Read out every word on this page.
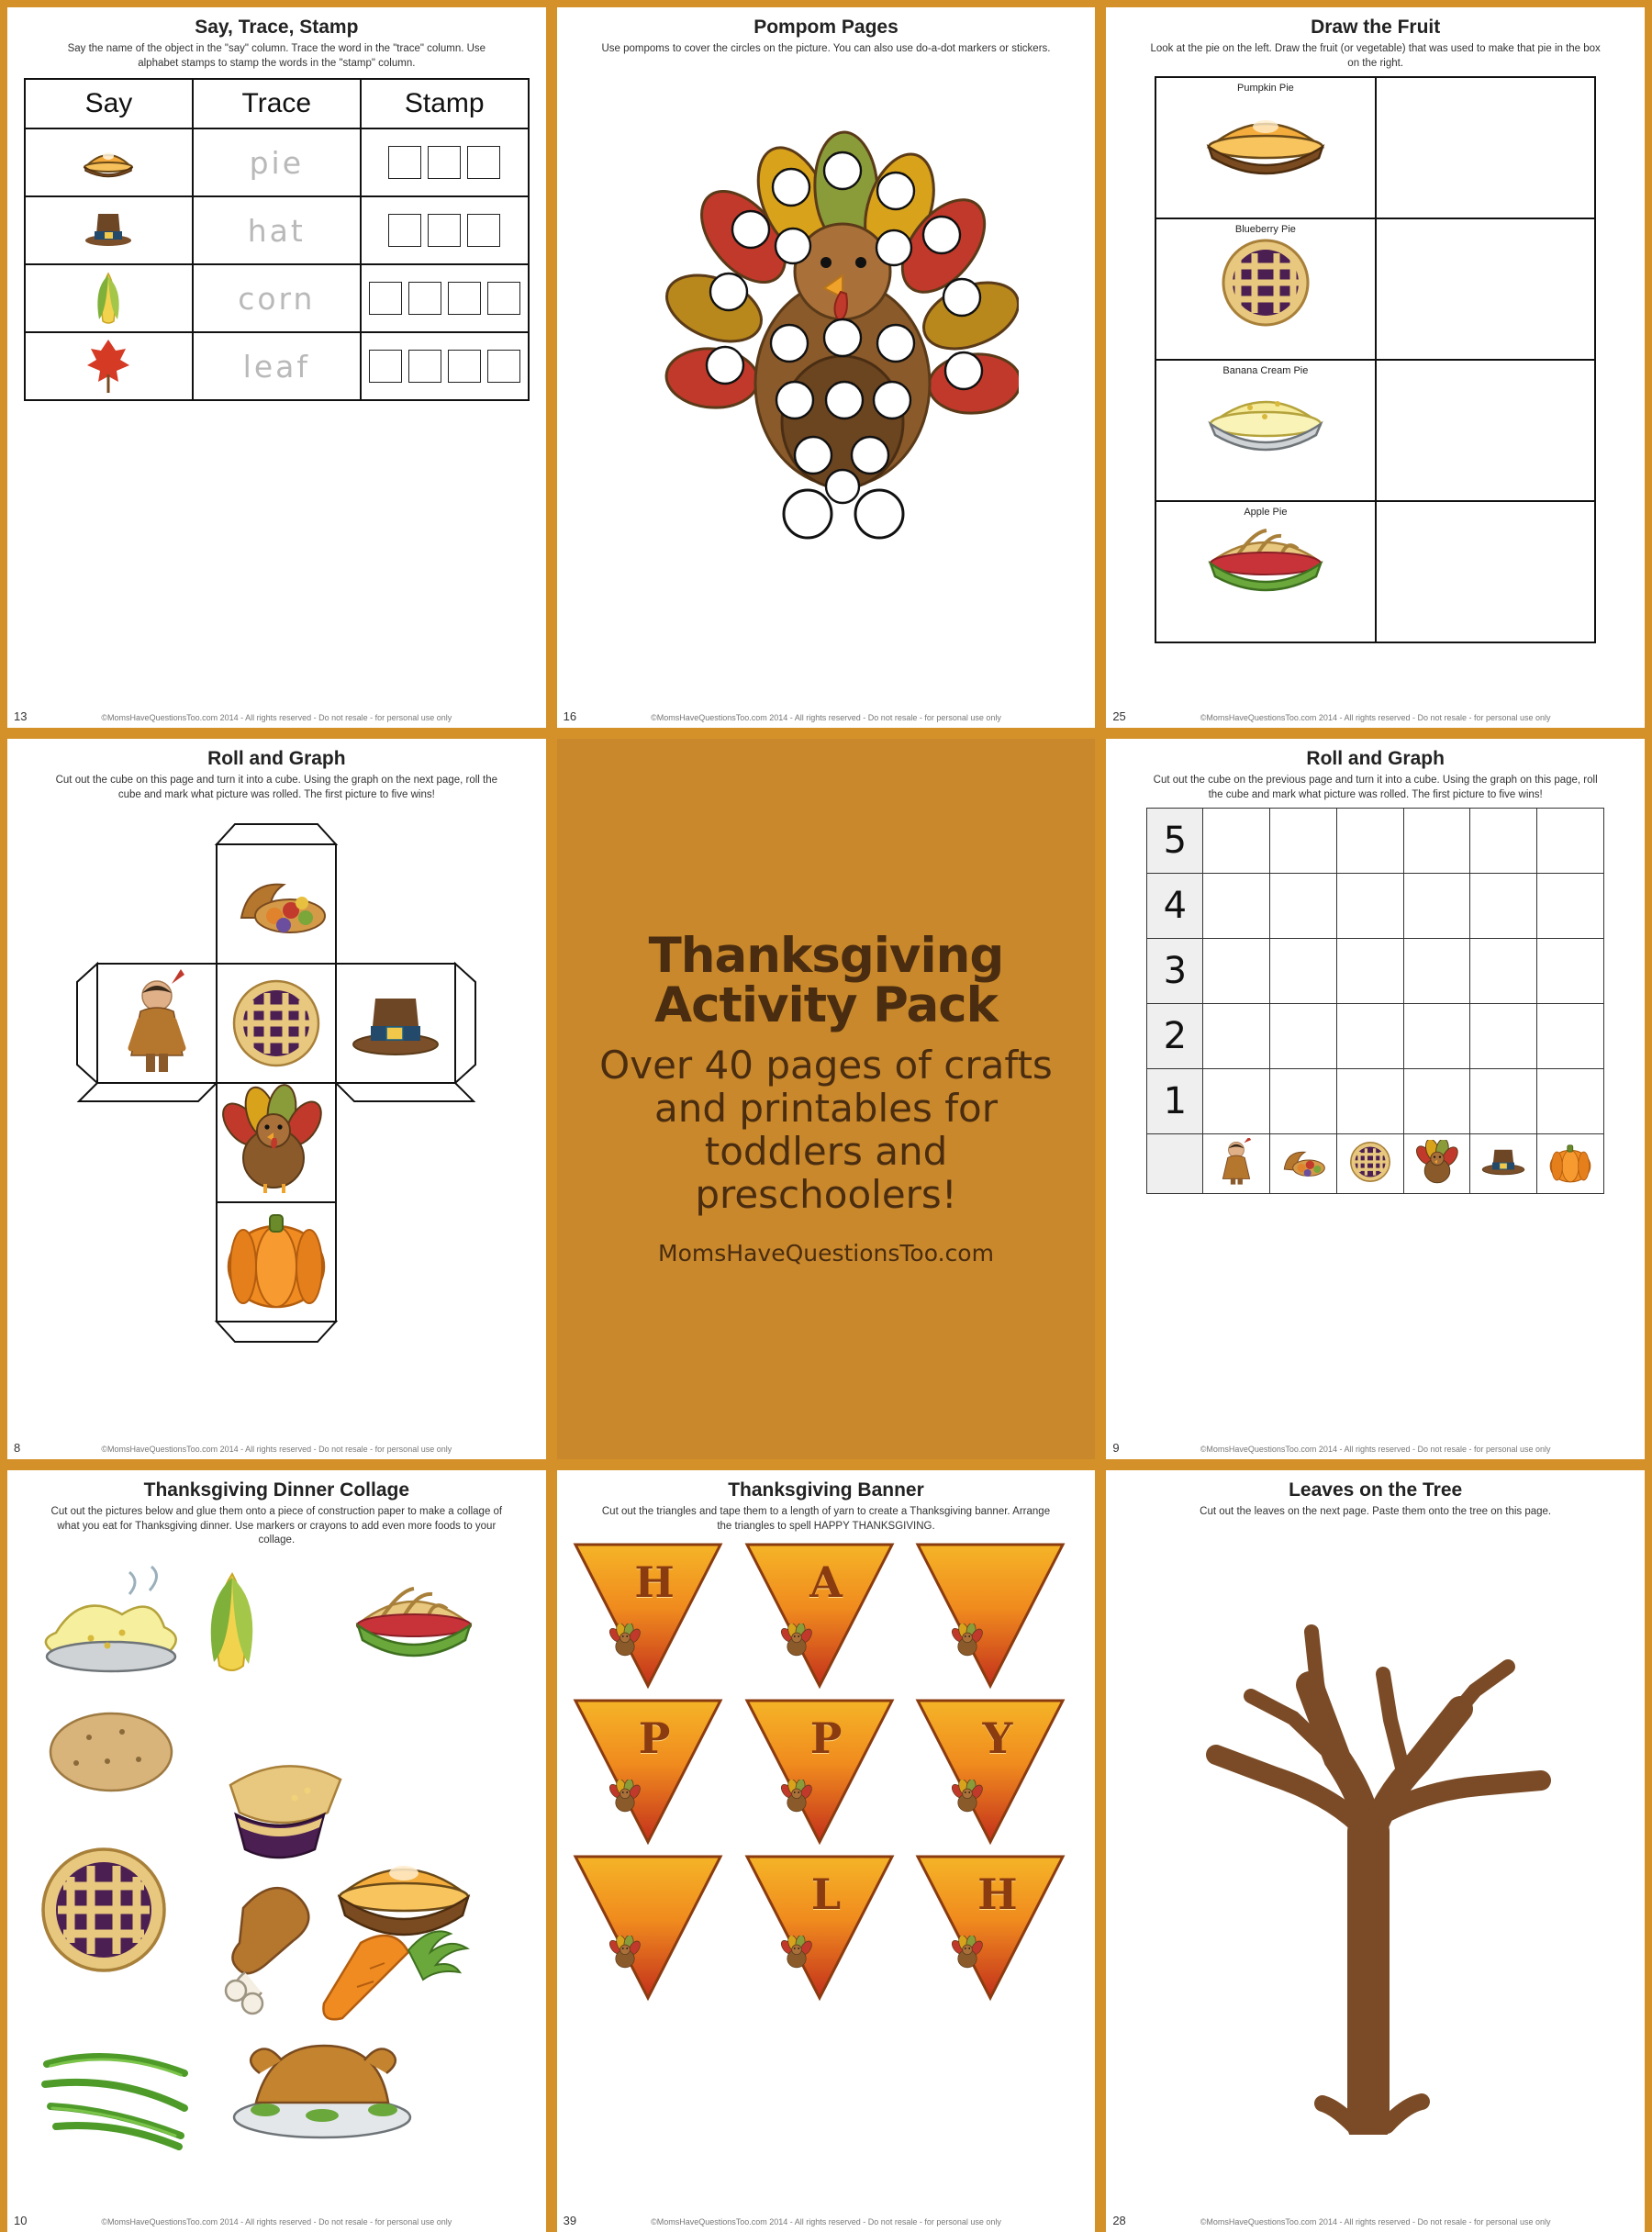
Say, Trace, Stamp
Say the name of the object in the "say" column. Trace the word in the "trace" column. Use alphabet stamps to stamp the words in the "stamp" column.
Say	Trace	Stamp

	pie	

	hat	

	corn	

	leaf	
13	©MomsHaveQuestionsToo.com 2014 - All rights reserved - Do not resale - for personal use only
Pompom Pages
Use pompoms to cover the circles on the picture. You can also use do-a-dot markers or stickers.
16	©MomsHaveQuestionsToo.com 2014 - All rights reserved - Do not resale - for personal use only
Draw the Fruit
Look at the pie on the left. Draw the fruit (or vegetable) that was used to make that pie in the box on the right.
Pumpkin Pie	

Blueberry Pie	

Banana Cream Pie	

Apple Pie	

25	©MomsHaveQuestionsToo.com 2014 - All rights reserved - Do not resale - for personal use only
Roll and Graph
Cut out the cube on this page and turn it into a cube. Using the graph on the next page, roll the cube and mark what picture was rolled. The first picture to five wins!
8	©MomsHaveQuestionsToo.com 2014 - All rights reserved - Do not resale - for personal use only
Thanksgiving
Activity Pack
Over 40 pages of crafts and printables for toddlers and preschoolers!
MomsHaveQuestionsToo.com
Roll and Graph
Cut out the cube on the previous page and turn it into a cube. Using the graph on this page, roll the cube and mark what picture was rolled. The first picture to five wins!
5						
4						
3						
2						
1						

9	©MomsHaveQuestionsToo.com 2014 - All rights reserved - Do not resale - for personal use only
Thanksgiving Dinner Collage
Cut out the pictures below and glue them onto a piece of construction paper to make a collage of what you eat for Thanksgiving dinner. Use markers or crayons to add even more foods to your collage.
10	©MomsHaveQuestionsToo.com 2014 - All rights reserved - Do not resale - for personal use only
Thanksgiving Banner
Cut out the triangles and tape them to a length of yarn to create a Thanksgiving banner. Arrange the triangles to spell HAPPY THANKSGIVING.
H	A
P	P	Y
L	H
39	©MomsHaveQuestionsToo.com 2014 - All rights reserved - Do not resale - for personal use only
Leaves on the Tree
Cut out the leaves on the next page. Paste them onto the tree on this page.
28	©MomsHaveQuestionsToo.com 2014 - All rights reserved - Do not resale - for personal use only
